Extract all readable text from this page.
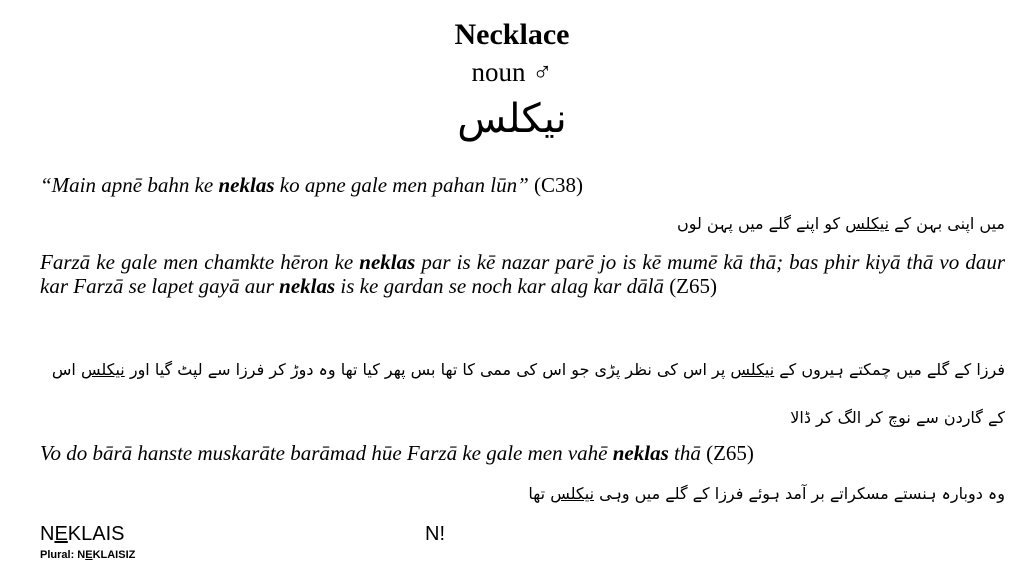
Necklace
noun ♂
نیکلس
“Main apnē bahn ke neklas ko apne gale men pahan lūn” (C38)
میں اپنی بہن کے نیکلس کو اپنے گلے میں پہن لوں
Farzā ke gale men chamkte hēron ke neklas par is kē nazar parē jo is kē mumē kā thā; bas phir kiyā thā vo daur kar Farzā se lapet gayā aur neklas is ke gardan se noch kar alag kar dālā (Z65)
فرزا کے گلے میں چمکتے ہیروں کے نیکلس پر اس کی نظر پڑی جو اس کی ممی کا تھا بس پھر کیا تھا وہ دوڑ کر فرزا سے لپٹ گیا اور نیکلس اس کے گاردن سے نوچ کر الگ کر ڈالا
Vo do bārā hanste muskarāte barāmad hūe Farzā ke gale men vahē neklas thā (Z65)
وہ دوبارہ ہنستے مسکراتے بر آمد ہوئے فرزا کے گلے میں وہی نیکلس تھا
NEKLAIS
Plural: NEKLAISIZ
N!
